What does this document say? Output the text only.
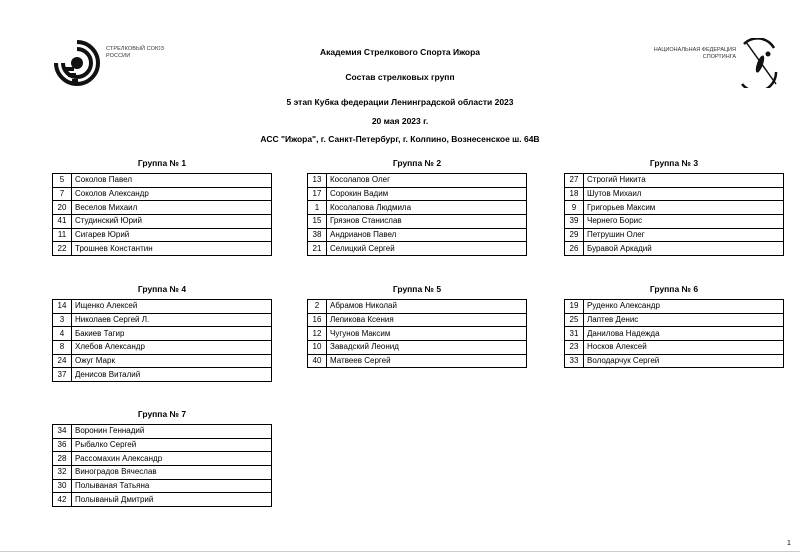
СТРЕЛКОВЫЙ СОЮЗ
РОССИИ
НАЦИОНАЛЬНАЯ ФЕДЕРАЦИЯ
СПОРТИНГА
Академия Стрелкового Спорта Ижора
Состав стрелковых групп
5 этап Кубка федерации Ленинградской области 2023
20 мая 2023 г.
АСС "Ижора", г. Санкт-Петербург, г. Колпино, Вознесенское ш. 64В
Группа № 1
5	Соколов Павел
7	Соколов Александр
20	Веселов Михаил
41	Студинский Юрий
11	Сигарев Юрий
22	Трошнев Константин
Группа № 2
13	Косолапов Олег
17	Сорокин Вадим
1	Косолапова Людмила
15	Грязнов Станислав
38	Андрианов Павел
21	Селицкий Сергей
Группа № 3
27	Строгий Никита
18	Шутов Михаил
9	Григорьев Максим
39	Чернего Борис
29	Петрушин Олег
26	Буравой Аркадий
Группа № 4
14	Ищенко Алексей
3	Николаев Сергей Л.
4	Бакиев Тагир
8	Хлебов Александр
24	Ожуг Марк
37	Денисов Виталий
Группа № 5
2	Абрамов Николай
16	Лепикова Ксения
12	Чугунов Максим
10	Завадский Леонид
40	Матвеев Сергей
Группа № 6
19	Руденко Александр
25	Лаптев Денис
31	Данилова Надежда
23	Носков Алексей
33	Володарчук Сергей
Группа № 7
34	Воронин Геннадий
36	Рыбалко Сергей
28	Рассомахин Александр
32	Виноградов Вячеслав
30	Полываная Татьяна
42	Полываный Дмитрий
1
